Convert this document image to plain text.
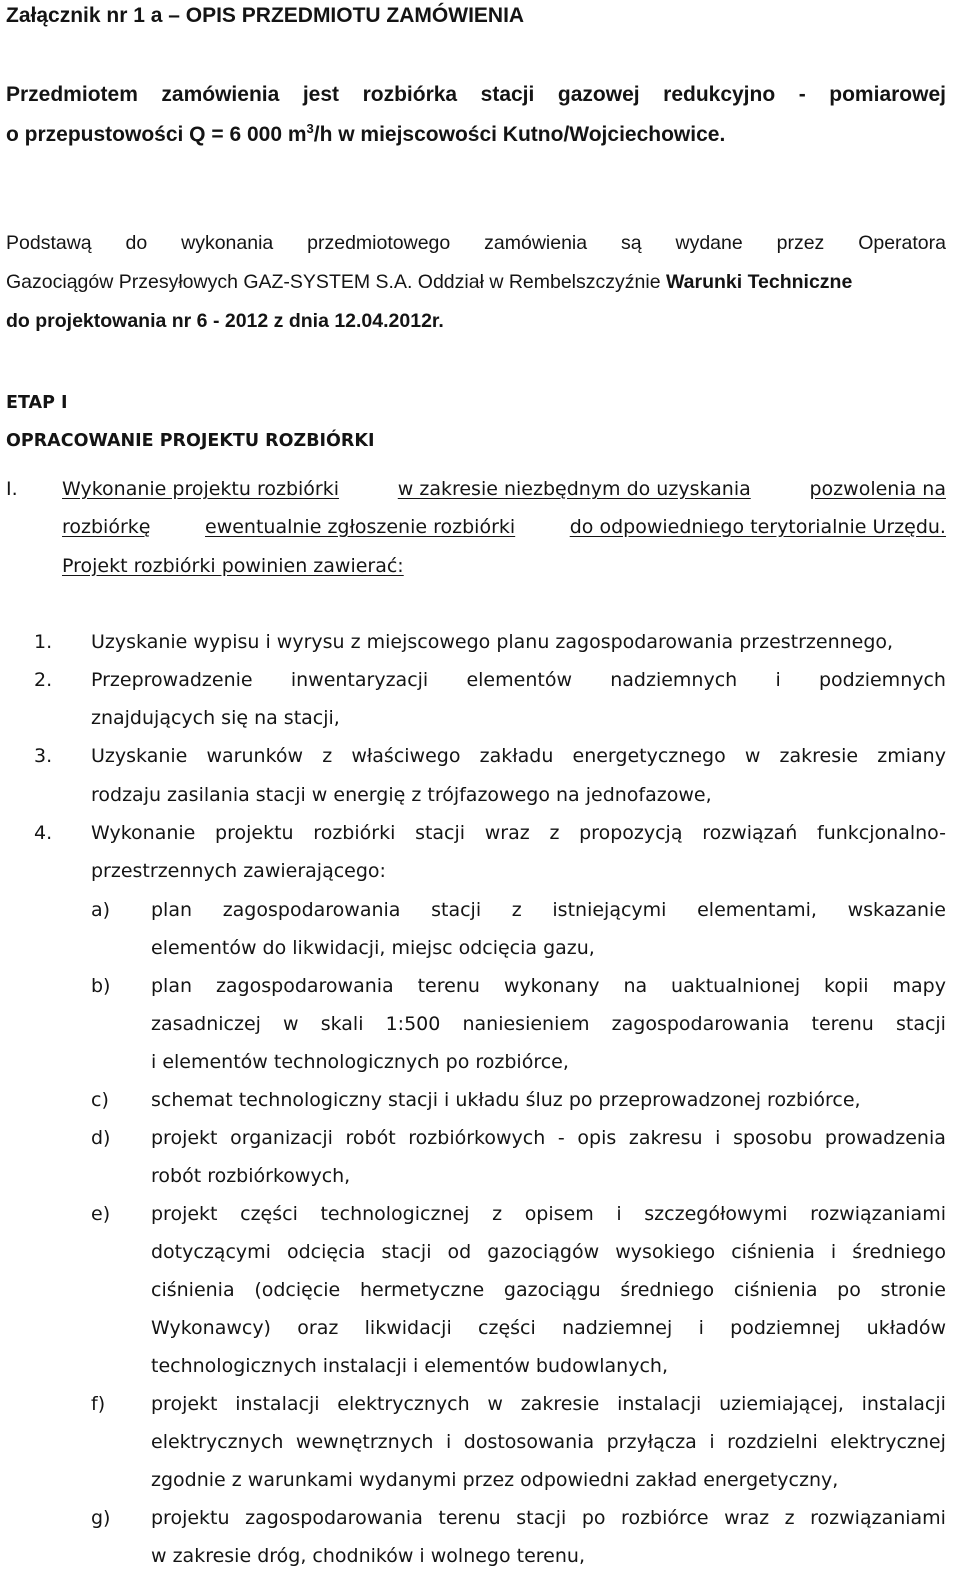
Załącznik nr 1 a – OPIS PRZEDMIOTU ZAMÓWIENIA
Przedmiotem zamówienia jest rozbiórka stacji gazowej redukcyjno - pomiarowej
o przepustowości Q = 6 000 $m^3/h$ w miejscowości Kutno/Wojciechowice.
Podstawą do wykonania przedmiotowego zamówienia są wydane przez Operatora
Gazociągów Przesyłowych GAZ-SYSTEM S.A. Oddział w Rembelszczyźnie Warunki Techniczne
do projektowania nr 6 - 2012 z dnia 12.04.2012r.
ETAP I
OPRACOWANIE PROJEKTU ROZBIÓRKI
I. Wykonanie projektu rozbiórki	w zakresie niezbędnym do uzyskania	pozwolenia na
rozbiórkę	ewentualnie zgłoszenie rozbiórki	do odpowiedniego terytorialnie Urzędu.
Projekt rozbiórki powinien zawierać:
1. Uzyskanie wypisu i wyrysu z miejscowego planu zagospodarowania przestrzennego,
2. Przeprowadzenie inwentaryzacji elementów nadziemnych i podziemnych
znajdujących się na stacji,
3. Uzyskanie warunków z właściwego zakładu energetycznego w zakresie zmiany
rodzaju zasilania stacji w energię z trójfazowego na jednofazowe,
4. Wykonanie projektu rozbiórki stacji wraz z propozycją rozwiązań funkcjonalno-
przestrzennych zawierającego:
a) plan zagospodarowania stacji z istniejącymi elementami, wskazanie
elementów do likwidacji, miejsc odcięcia gazu,
b) plan zagospodarowania terenu wykonany na uaktualnionej kopii mapy
zasadniczej w skali 1:500 naniesieniem zagospodarowania terenu stacji
i elementów technologicznych po rozbiórce,
c) schemat technologiczny stacji i układu śluz po przeprowadzonej rozbiórce,
d) projekt organizacji robót rozbiórkowych - opis zakresu i sposobu prowadzenia
robót rozbiórkowych,
e) projekt części technologicznej z opisem i szczegółowymi rozwiązaniami
dotyczącymi odcięcia stacji od gazociągów wysokiego ciśnienia i średniego
ciśnienia (odcięcie hermetyczne gazociągu średniego ciśnienia po stronie
Wykonawcy) oraz likwidacji części nadziemnej i podziemnej układów
technologicznych instalacji i elementów budowlanych,
f) projekt instalacji elektrycznych w zakresie instalacji uziemiającej, instalacji
elektrycznych wewnętrznych i dostosowania przyłącza i rozdzielni elektrycznej
zgodnie z warunkami wydanymi przez odpowiedni zakład energetyczny,
g) projektu zagospodarowania terenu stacji po rozbiórce wraz z rozwiązaniami
w zakresie dróg, chodników i wolnego terenu,
